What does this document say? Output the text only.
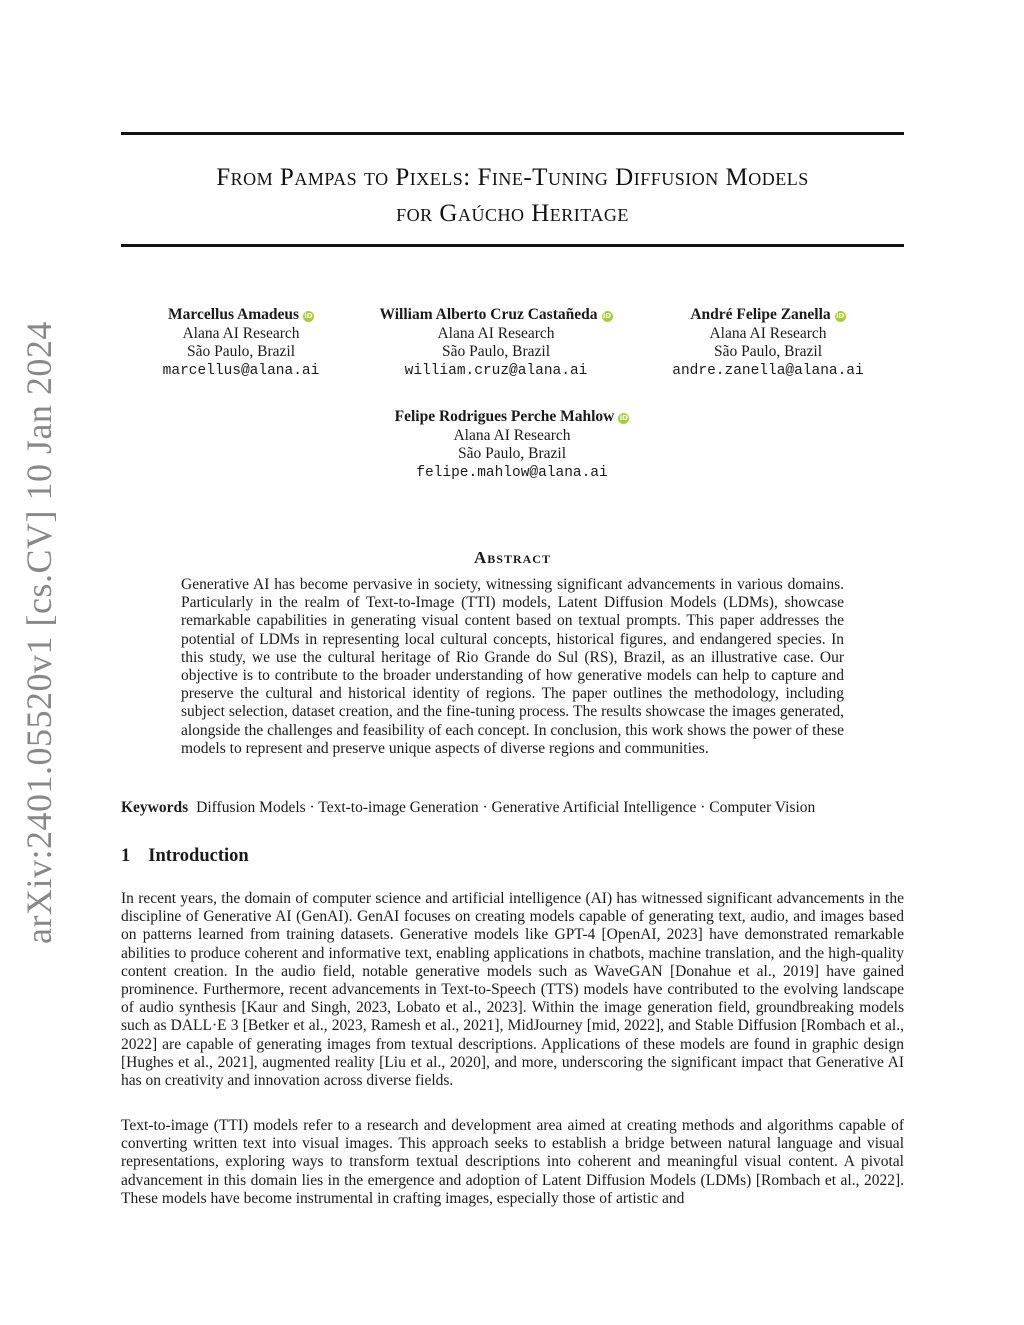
arXiv:2401.05520v1 [cs.CV] 10 Jan 2024
From Pampas to Pixels: Fine-Tuning Diffusion Models
for Gaúcho Heritage
Marcellus Amadeus iD
Alana AI Research
São Paulo, Brazil
marcellus@alana.ai
William Alberto Cruz Castañeda iD
Alana AI Research
São Paulo, Brazil
william.cruz@alana.ai
André Felipe Zanella iD
Alana AI Research
São Paulo, Brazil
andre.zanella@alana.ai
Felipe Rodrigues Perche Mahlow iD
Alana AI Research
São Paulo, Brazil
felipe.mahlow@alana.ai
Abstract
Generative AI has become pervasive in society, witnessing significant advancements in various domains. Particularly in the realm of Text-to-Image (TTI) models, Latent Diffusion Models (LDMs), showcase remarkable capabilities in generating visual content based on textual prompts. This paper addresses the potential of LDMs in representing local cultural concepts, historical figures, and endangered species. In this study, we use the cultural heritage of Rio Grande do Sul (RS), Brazil, as an illustrative case. Our objective is to contribute to the broader understanding of how generative models can help to capture and preserve the cultural and historical identity of regions. The paper outlines the methodology, including subject selection, dataset creation, and the fine-tuning process. The results showcase the images generated, alongside the challenges and feasibility of each concept. In conclusion, this work shows the power of these models to represent and preserve unique aspects of diverse regions and communities.
Keywords Diffusion Models · Text-to-image Generation · Generative Artificial Intelligence · Computer Vision
1 Introduction
In recent years, the domain of computer science and artificial intelligence (AI) has witnessed significant advancements in the discipline of Generative AI (GenAI). GenAI focuses on creating models capable of generating text, audio, and images based on patterns learned from training datasets. Generative models like GPT-4 [OpenAI, 2023] have demonstrated remarkable abilities to produce coherent and informative text, enabling applications in chatbots, machine translation, and the high-quality content creation. In the audio field, notable generative models such as WaveGAN [Donahue et al., 2019] have gained prominence. Furthermore, recent advancements in Text-to-Speech (TTS) models have contributed to the evolving landscape of audio synthesis [Kaur and Singh, 2023, Lobato et al., 2023]. Within the image generation field, groundbreaking models such as DALL·E 3 [Betker et al., 2023, Ramesh et al., 2021], MidJourney [mid, 2022], and Stable Diffusion [Rombach et al., 2022] are capable of generating images from textual descriptions. Applications of these models are found in graphic design [Hughes et al., 2021], augmented reality [Liu et al., 2020], and more, underscoring the significant impact that Generative AI has on creativity and innovation across diverse fields.
Text-to-image (TTI) models refer to a research and development area aimed at creating methods and algorithms capable of converting written text into visual images. This approach seeks to establish a bridge between natural language and visual representations, exploring ways to transform textual descriptions into coherent and meaningful visual content. A pivotal advancement in this domain lies in the emergence and adoption of Latent Diffusion Models (LDMs) [Rombach et al., 2022]. These models have become instrumental in crafting images, especially those of artistic and
